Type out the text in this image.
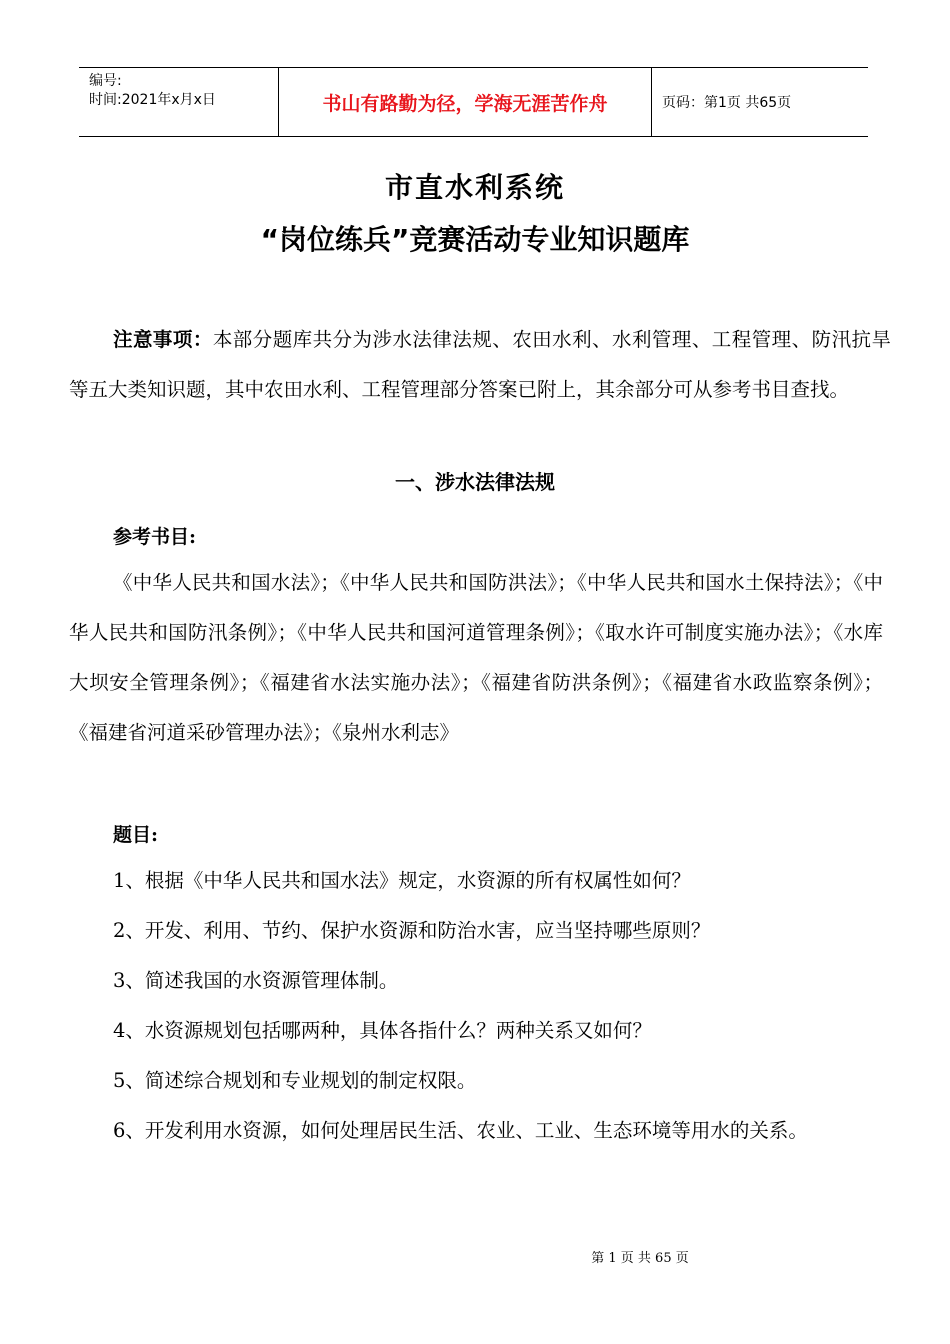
编号:
时间:2021年x月x日	书山有路勤为径，学海无涯苦作舟	页码：第1页 共65页
市直水利系统
“岗位练兵”竞赛活动专业知识题库

注意事项：本部分题库共分为涉水法律法规、农田水利、水利管理、工程管理、防汛抗旱等五大类知识题，其中农田水利、工程管理部分答案已附上，其余部分可从参考书目查找。

一、涉水法律法规

参考书目:

《中华人民共和国水法》；《中华人民共和国防洪法》；《中华人民共和国水土保持法》；《中华人民共和国防汛条例》；《中华人民共和国河道管理条例》；《取水许可制度实施办法》；《水库大坝安全管理条例》；《福建省水法实施办法》；《福建省防洪条例》；《福建省水政监察条例》；《福建省河道采砂管理办法》；《泉州水利志》

题目:

1、根据《中华人民共和国水法》规定，水资源的所有权属性如何？
2、开发、利用、节约、保护水资源和防治水害，应当坚持哪些原则？
3、简述我国的水资源管理体制。
4、水资源规划包括哪两种，具体各指什么？两种关系又如何？
5、简述综合规划和专业规划的制定权限。
6、开发利用水资源，如何处理居民生活、农业、工业、生态环境等用水的关系。

第 1 页 共 65 页
